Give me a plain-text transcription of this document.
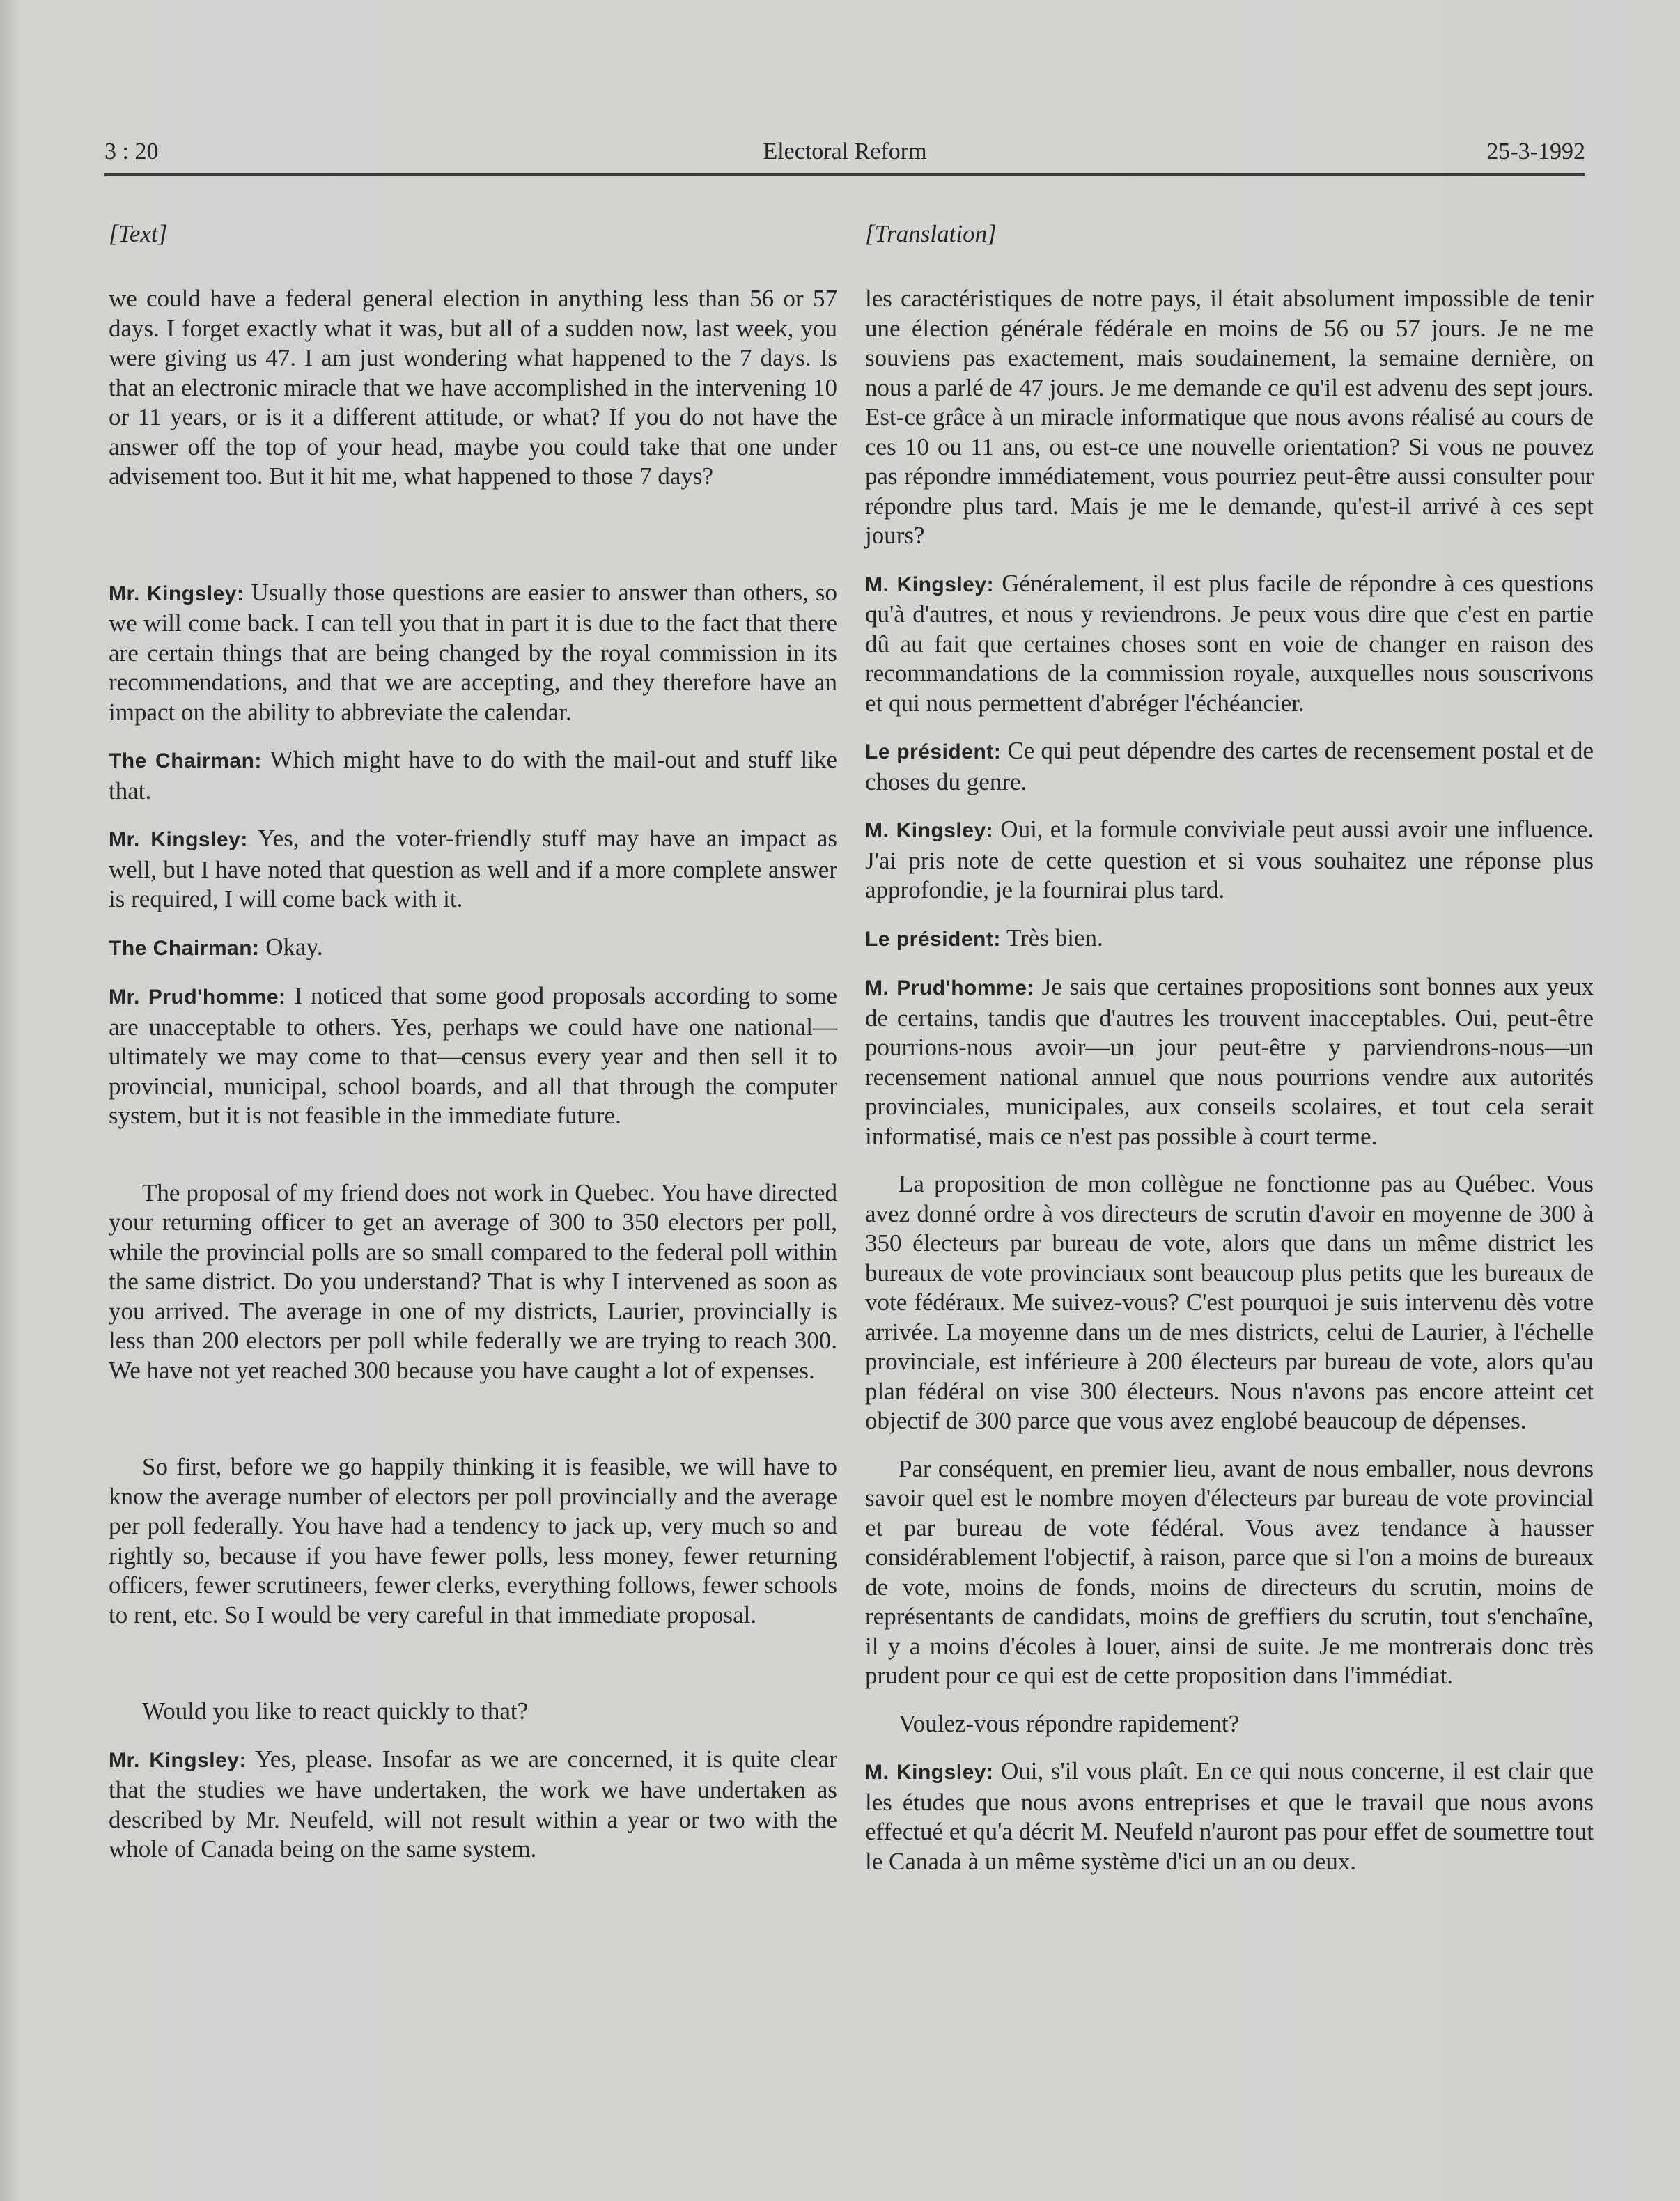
3 : 20	Electoral Reform	25-3-1992
[Text]

we could have a federal general election in anything less than 56 or 57 days. I forget exactly what it was, but all of a sudden now, last week, you were giving us 47. I am just wondering what happened to the 7 days. Is that an electronic miracle that we have accomplished in the intervening 10 or 11 years, or is it a different attitude, or what? If you do not have the answer off the top of your head, maybe you could take that one under advisement too. But it hit me, what happened to those 7 days?

Mr. Kingsley: Usually those questions are easier to answer than others, so we will come back. I can tell you that in part it is due to the fact that there are certain things that are being changed by the royal commission in its recommendations, and that we are accepting, and they therefore have an impact on the ability to abbreviate the calendar.

The Chairman: Which might have to do with the mail-out and stuff like that.

Mr. Kingsley: Yes, and the voter-friendly stuff may have an impact as well, but I have noted that question as well and if a more complete answer is required, I will come back with it.

The Chairman: Okay.

Mr. Prud'homme: I noticed that some good proposals according to some are unacceptable to others. Yes, perhaps we could have one national—ultimately we may come to that—census every year and then sell it to provincial, municipal, school boards, and all that through the computer system, but it is not feasible in the immediate future.

The proposal of my friend does not work in Quebec. You have directed your returning officer to get an average of 300 to 350 electors per poll, while the provincial polls are so small compared to the federal poll within the same district. Do you understand? That is why I intervened as soon as you arrived. The average in one of my districts, Laurier, provincially is less than 200 electors per poll while federally we are trying to reach 300. We have not yet reached 300 because you have caught a lot of expenses.

So first, before we go happily thinking it is feasible, we will have to know the average number of electors per poll provincially and the average per poll federally. You have had a tendency to jack up, very much so and rightly so, because if you have fewer polls, less money, fewer returning officers, fewer scrutineers, fewer clerks, everything follows, fewer schools to rent, etc. So I would be very careful in that immediate proposal.

Would you like to react quickly to that?

Mr. Kingsley: Yes, please. Insofar as we are concerned, it is quite clear that the studies we have undertaken, the work we have undertaken as described by Mr. Neufeld, will not result within a year or two with the whole of Canada being on the same system.

[Translation]

les caractéristiques de notre pays, il était absolument impossible de tenir une élection générale fédérale en moins de 56 ou 57 jours. Je ne me souviens pas exactement, mais soudainement, la semaine dernière, on nous a parlé de 47 jours. Je me demande ce qu'il est advenu des sept jours. Est-ce grâce à un miracle informatique que nous avons réalisé au cours de ces 10 ou 11 ans, ou est-ce une nouvelle orientation? Si vous ne pouvez pas répondre immédiatement, vous pourriez peut-être aussi consulter pour répondre plus tard. Mais je me le demande, qu'est-il arrivé à ces sept jours?

M. Kingsley: Généralement, il est plus facile de répondre à ces questions qu'à d'autres, et nous y reviendrons. Je peux vous dire que c'est en partie dû au fait que certaines choses sont en voie de changer en raison des recommandations de la commission royale, auxquelles nous souscrivons et qui nous permettent d'abréger l'échéancier.

Le président: Ce qui peut dépendre des cartes de recensement postal et de choses du genre.

M. Kingsley: Oui, et la formule conviviale peut aussi avoir une influence. J'ai pris note de cette question et si vous souhaitez une réponse plus approfondie, je la fournirai plus tard.

Le président: Très bien.

M. Prud'homme: Je sais que certaines propositions sont bonnes aux yeux de certains, tandis que d'autres les trouvent inacceptables. Oui, peut-être pourrions-nous avoir—un jour peut-être y parviendrons-nous—un recensement national annuel que nous pourrions vendre aux autorités provinciales, municipales, aux conseils scolaires, et tout cela serait informatisé, mais ce n'est pas possible à court terme.

La proposition de mon collègue ne fonctionne pas au Québec. Vous avez donné ordre à vos directeurs de scrutin d'avoir en moyenne de 300 à 350 électeurs par bureau de vote, alors que dans un même district les bureaux de vote provinciaux sont beaucoup plus petits que les bureaux de vote fédéraux. Me suivez-vous? C'est pourquoi je suis intervenu dès votre arrivée. La moyenne dans un de mes districts, celui de Laurier, à l'échelle provinciale, est inférieure à 200 électeurs par bureau de vote, alors qu'au plan fédéral on vise 300 électeurs. Nous n'avons pas encore atteint cet objectif de 300 parce que vous avez englobé beaucoup de dépenses.

Par conséquent, en premier lieu, avant de nous emballer, nous devrons savoir quel est le nombre moyen d'électeurs par bureau de vote provincial et par bureau de vote fédéral. Vous avez tendance à hausser considérablement l'objectif, à raison, parce que si l'on a moins de bureaux de vote, moins de fonds, moins de directeurs du scrutin, moins de représentants de candidats, moins de greffiers du scrutin, tout s'enchaîne, il y a moins d'écoles à louer, ainsi de suite. Je me montrerais donc très prudent pour ce qui est de cette proposition dans l'immédiat.

Voulez-vous répondre rapidement?

M. Kingsley: Oui, s'il vous plaît. En ce qui nous concerne, il est clair que les études que nous avons entreprises et que le travail que nous avons effectué et qu'a décrit M. Neufeld n'auront pas pour effet de soumettre tout le Canada à un même système d'ici un an ou deux.
